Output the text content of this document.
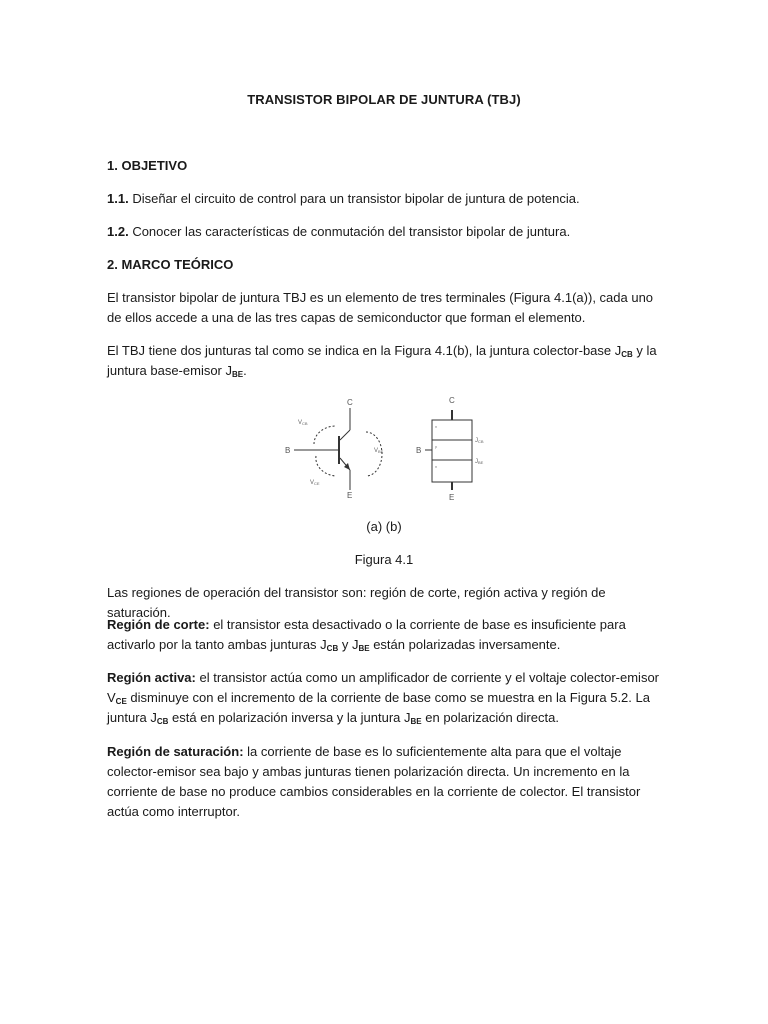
TRANSISTOR BIPOLAR DE JUNTURA (TBJ)

1. OBJETIVO

1.1. Diseñar el circuito de control para un transistor bipolar de juntura de potencia.

1.2. Conocer las características de conmutación del transistor bipolar de juntura.

2. MARCO TEÓRICO

El transistor bipolar de juntura TBJ es un elemento de tres terminales (Figura 4.1(a)), cada uno de ellos accede a una de las tres capas de semiconductor que forman el elemento.

El TBJ tiene dos junturas tal como se indica en la Figura 4.1(b), la juntura colector-base $J_{CB}$ y la juntura base-emisor $J_{BE}$.

C
B
E
VCB
VBE
VCE
C
B
E
n
p
n
JCB
JBE
(a) (b)
Figura 4.1

Las regiones de operación del transistor son: región de corte, región activa y región de saturación.

Región de corte: el transistor esta desactivado o la corriente de base es insuficiente para activarlo por la tanto ambas junturas $J_{CB}$ y $J_{BE}$ están polarizadas inversamente.

Región activa: el transistor actúa como un amplificador de corriente y el voltaje colector-emisor $V_{CE}$ disminuye con el incremento de la corriente de base como se muestra en la Figura 5.2. La juntura $J_{CB}$ está en polarización inversa y la juntura $J_{BE}$ en polarización directa.

Región de saturación: la corriente de base es lo suficientemente alta para que el voltaje colector-emisor sea bajo y ambas junturas tienen polarización directa. Un incremento en la corriente de base no produce cambios considerables en la corriente de colector. El transistor actúa como interruptor.
